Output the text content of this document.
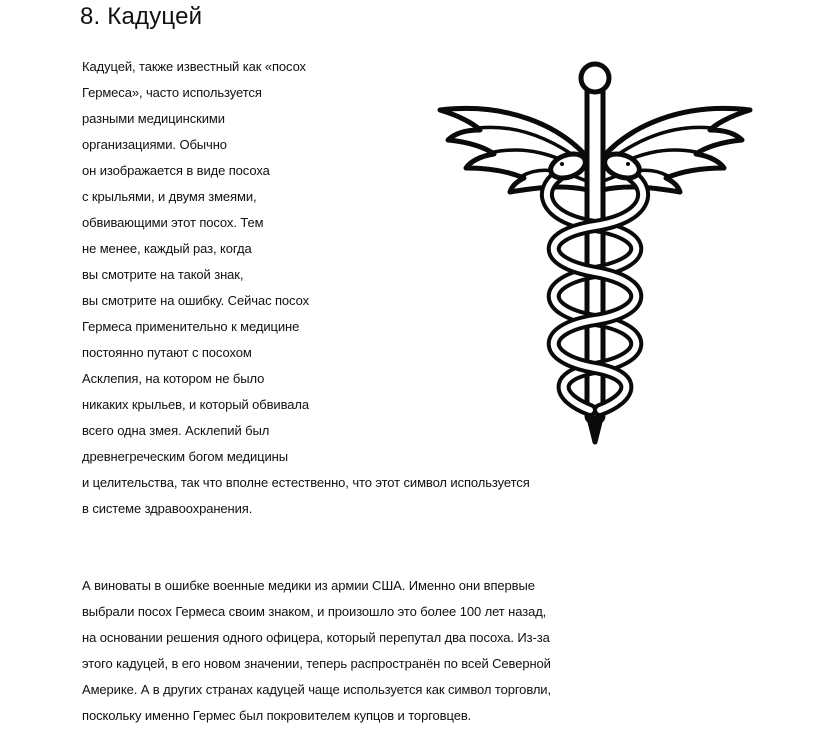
8. Кадуцей
Кадуцей, также известный как «посох
Гермеса», часто используется
разными медицинскими
организациями. Обычно
он изображается в виде посоха
с крыльями, и двумя змеями,
обвивающими этот посох. Тем
не менее, каждый раз, когда
вы смотрите на такой знак,
вы смотрите на ошибку. Сейчас посох
Гермеса применительно к медицине
постоянно путают с посохом
Асклепия, на котором не было
никаких крыльев, и который обвивала
всего одна змея. Асклепий был
древнегреческим богом медицины
и целительства, так что вполне естественно, что этот символ используется
в системе здравоохранения.
А виноваты в ошибке военные медики из армии США. Именно они впервые
выбрали посох Гермеса своим знаком, и произошло это более 100 лет назад,
на основании решения одного офицера, который перепутал два посоха. Из-за
этого кадуцей, в его новом значении, теперь распространён по всей Северной
Америке. А в других странах кадуцей чаще используется как символ торговли,
поскольку именно Гермес был покровителем купцов и торговцев.
